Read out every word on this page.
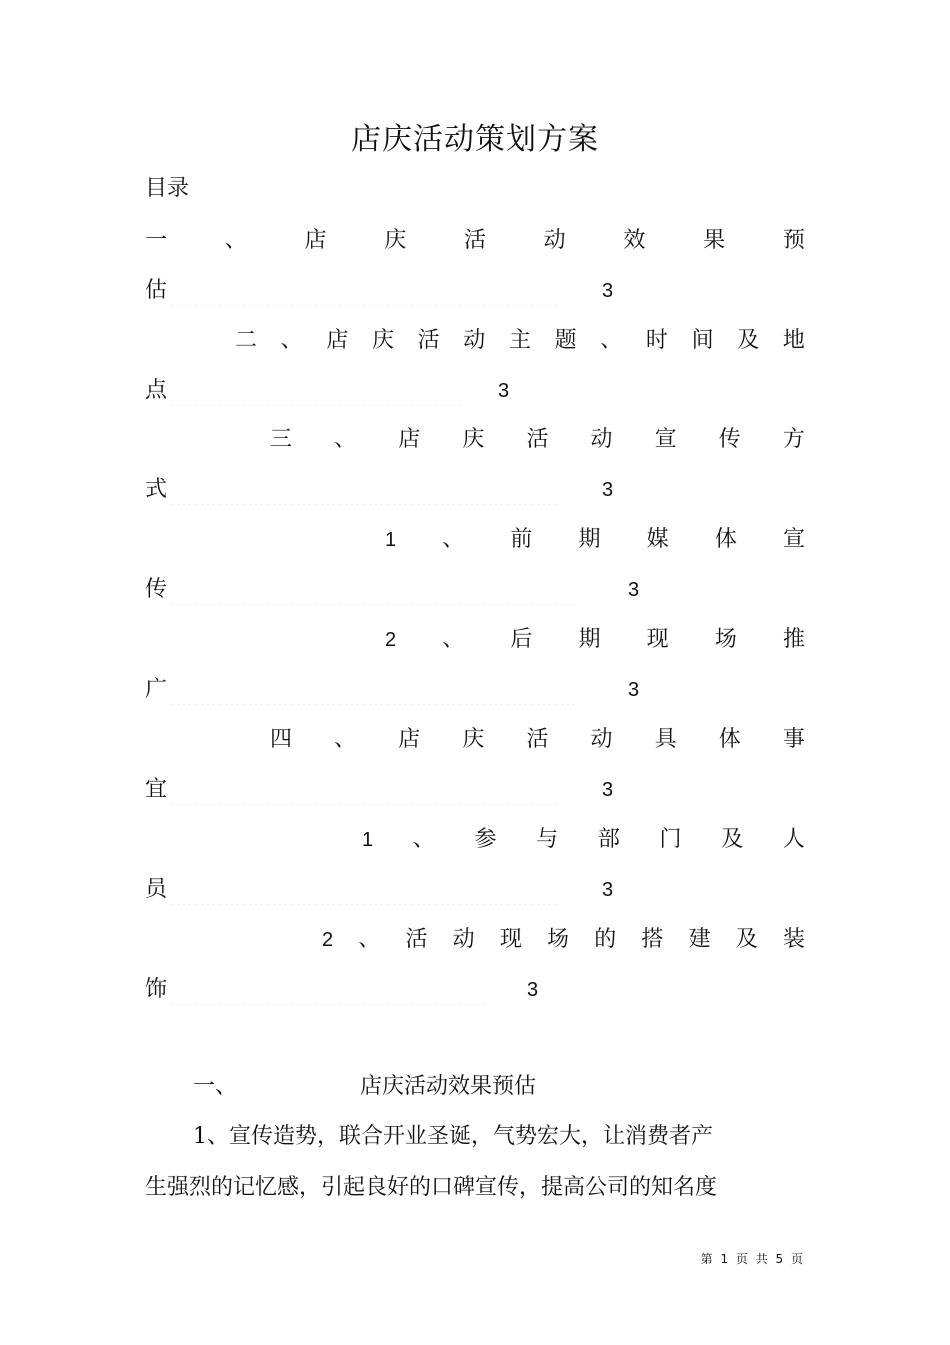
店庆活动策划方案
目录
一	、	店	庆	活	动	效	果	预
估	3
二 、 店 庆 活 动 主 题 、 时 间 及 地
点	3
三 、 店 庆 活 动 宣 传 方
式	3
1 、 前 期 媒 体 宣
传	3
2 、 后 期 现 场 推
广	3
四 、 店 庆 活 动 具 体 事
宜	3
1 、 参 与 部 门 及 人
员	3
2 、 活 动 现 场 的 搭 建 及 装
饰	3
一、	店庆活动效果预估
1、宣传造势，联合开业圣诞，气势宏大，让消费者产
生强烈的记忆感，引起良好的口碑宣传，提高公司的知名度
第 1 页 共 5 页
